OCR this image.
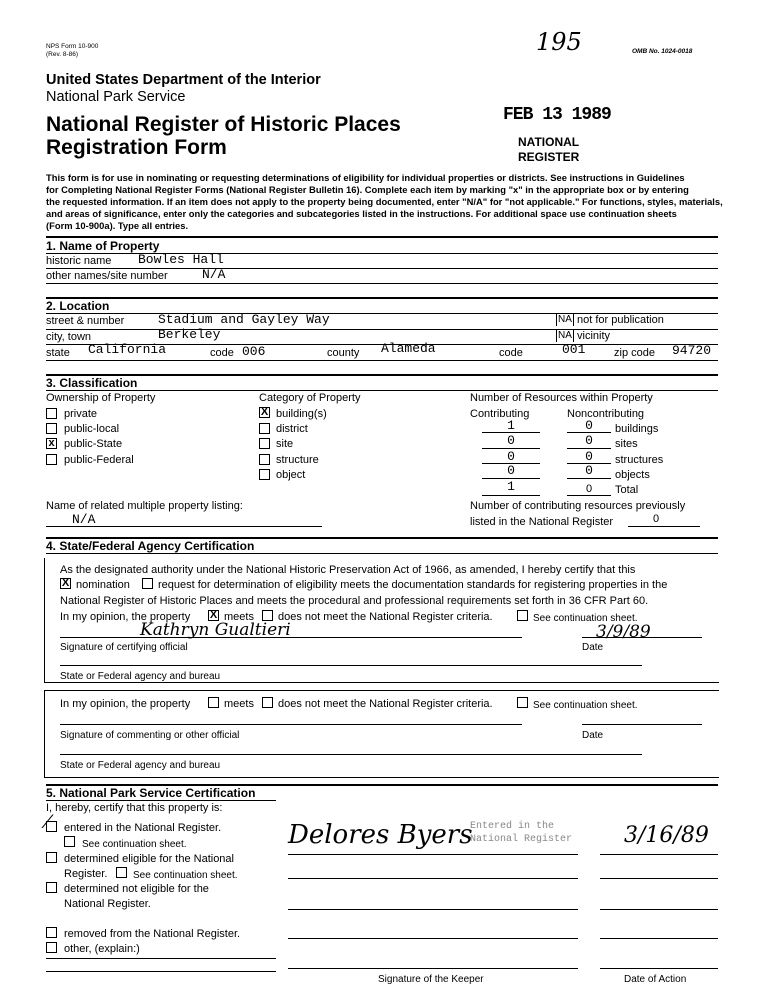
NPS Form 10-900
(Rev. 8-86)	195	OMB No. 1024-0018
United States Department of the Interior
National Park Service
National Register of Historic Places
Registration Form
FEB 13 1989
NATIONAL
REGISTER
This form is for use in nominating or requesting determinations of eligibility for individual properties or districts. See instructions in Guidelines
for Completing National Register Forms (National Register Bulletin 16). Complete each item by marking "x" in the appropriate box or by entering
the requested information. If an item does not apply to the property being documented, enter "N/A" for "not applicable." For functions, styles, materials,
and areas of significance, enter only the categories and subcategories listed in the instructions. For additional space use continuation sheets
(Form 10-900a). Type all entries.
1. Name of Property
historic name Bowles Hall
other names/site number	N/A
2. Location
street & number	Stadium and Gayley Way	NA not for publication
city, town	Berkeley	NA vicinity
state California	code 006	county Alameda	code	001	zip code 94720
3. Classification
Ownership of Property
private
public-local
x public-State
public-Federal
Category of Property
X building(s)
district
site
structure
object
Number of Resources within Property
Contributing	Noncontributing
1	0	buildings
0	0	sites
0	0	structures
0	0	objects
1	0	Total
Name of related multiple property listing:
N/A
Number of contributing resources previously
listed in the National Register	0
4. State/Federal Agency Certification
As the designated authority under the National Historic Preservation Act of 1966, as amended, I hereby certify that this
X nomination	request for determination of eligibility meets the documentation standards for registering properties in the
National Register of Historic Places and meets the procedural and professional requirements set forth in 36 CFR Part 60.
In my opinion, the property X meets does not meet the National Register criteria.	See continuation sheet.
Kathryn Gualtieri	3/9/89
Signature of certifying official	Date
State or Federal agency and bureau
In my opinion, the property	meets does not meet the National Register criteria.	See continuation sheet.
Signature of commenting or other official	Date
State or Federal agency and bureau
5. National Park Service Certification
I, hereby, certify that this property is:
⁄ entered in the National Register.
See continuation sheet.
determined eligible for the National
Register.	See continuation sheet.
determined not eligible for the
National Register.
removed from the National Register.
other, (explain:)
Delores Byers
Entered in the
National Register 3/16/89
Signature of the Keeper	Date of Action
